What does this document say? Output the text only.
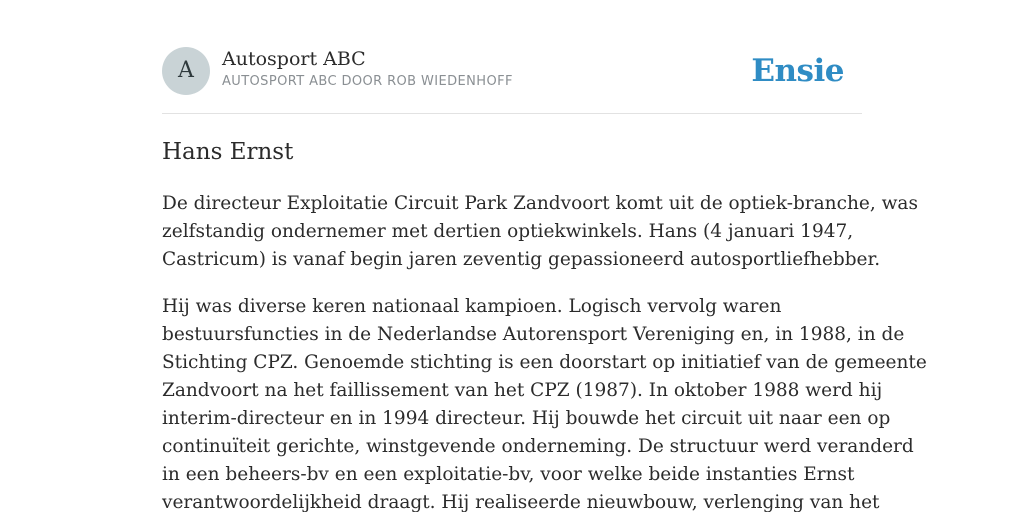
A	Autosport ABC
AUTOSPORT ABC DOOR ROB WIEDENHOFF	Ensie
Hans Ernst

De directeur Exploitatie Circuit Park Zandvoort komt uit de optiek-branche, was
zelfstandig ondernemer met dertien optiekwinkels. Hans (4 januari 1947,
Castricum) is vanaf begin jaren zeventig gepassioneerd autosportliefhebber.

Hij was diverse keren nationaal kampioen. Logisch vervolg waren
bestuursfuncties in de Nederlandse Autorensport Vereniging en, in 1988, in de
Stichting CPZ. Genoemde stichting is een doorstart op initiatief van de gemeente
Zandvoort na het faillissement van het CPZ (1987). In oktober 1988 werd hij
interim-directeur en in 1994 directeur. Hij bouwde het circuit uit naar een op
continuïteit gerichte, winstgevende onderneming. De structuur werd veranderd
in een beheers-bv en een exploitatie-bv, voor welke beide instanties Ernst
verantwoordelijkheid draagt. Hij realiseerde nieuwbouw, verlenging van het
